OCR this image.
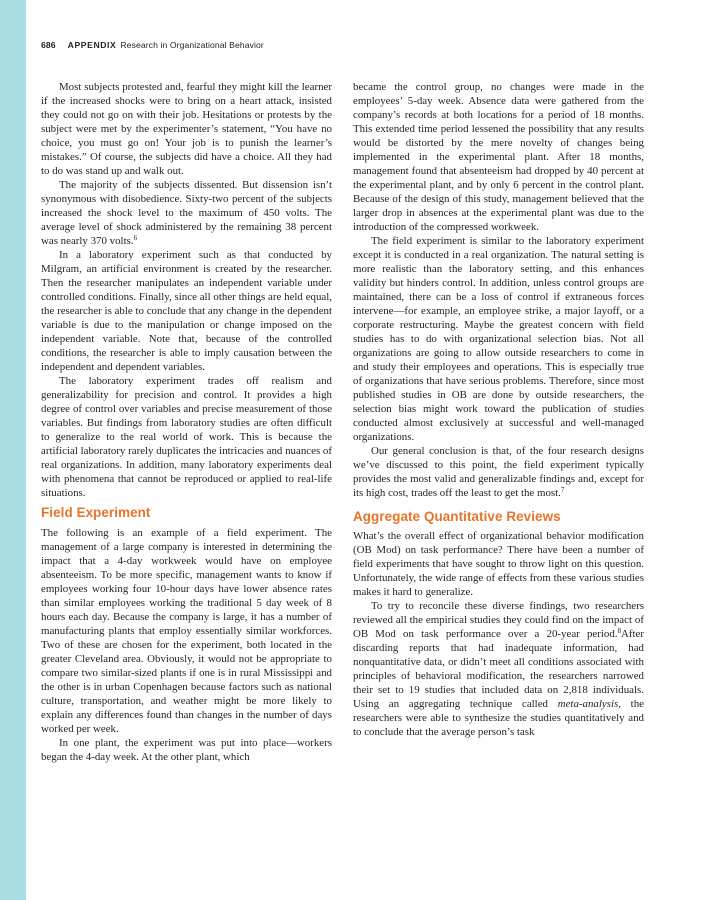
686 APPENDIX Research in Organizational Behavior

Most subjects protested and, fearful they might kill the learner if the increased shocks were to bring on a heart attack, insisted they could not go on with their job. Hesitations or protests by the subject were met by the experimenter’s statement, “You have no choice, you must go on! Your job is to punish the learner’s mistakes.” Of course, the subjects did have a choice. All they had to do was stand up and walk out.

The majority of the subjects dissented. But dissension isn’t synonymous with disobedience. Sixty-two percent of the subjects increased the shock level to the maximum of 450 volts. The average level of shock administered by the remaining 38 percent was nearly 370 volts.$^6$

In a laboratory experiment such as that conducted by Milgram, an artificial environment is created by the researcher. Then the researcher manipulates an independent variable under controlled conditions. Finally, since all other things are held equal, the researcher is able to conclude that any change in the dependent variable is due to the manipulation or change imposed on the independent variable. Note that, because of the controlled conditions, the researcher is able to imply causation between the independent and dependent variables.

The laboratory experiment trades off realism and generalizability for precision and control. It provides a high degree of control over variables and precise measurement of those variables. But findings from laboratory studies are often difficult to generalize to the real world of work. This is because the artificial laboratory rarely duplicates the intricacies and nuances of real organizations. In addition, many laboratory experiments deal with phenomena that cannot be reproduced or applied to real-life situations.

Field Experiment

The following is an example of a field experiment. The management of a large company is interested in determining the impact that a 4-day workweek would have on employee absenteeism. To be more specific, management wants to know if employees working four 10-hour days have lower absence rates than similar employees working the traditional 5 day week of 8 hours each day. Because the company is large, it has a number of manufacturing plants that employ essentially similar workforces. Two of these are chosen for the experiment, both located in the greater Cleveland area. Obviously, it would not be appropriate to compare two similar-sized plants if one is in rural Mississippi and the other is in urban Copenhagen because factors such as national culture, transportation, and weather might be more likely to explain any differences found than changes in the number of days worked per week.

In one plant, the experiment was put into place—workers began the 4-day week. At the other plant, which

became the control group, no changes were made in the employees’ 5-day week. Absence data were gathered from the company’s records at both locations for a period of 18 months. This extended time period lessened the possibility that any results would be distorted by the mere novelty of changes being implemented in the experimental plant. After 18 months, management found that absenteeism had dropped by 40 percent at the experimental plant, and by only 6 percent in the control plant. Because of the design of this study, management believed that the larger drop in absences at the experimental plant was due to the introduction of the compressed workweek.

The field experiment is similar to the laboratory experiment except it is conducted in a real organization. The natural setting is more realistic than the laboratory setting, and this enhances validity but hinders control. In addition, unless control groups are maintained, there can be a loss of control if extraneous forces intervene—for example, an employee strike, a major layoff, or a corporate restructuring. Maybe the greatest concern with field studies has to do with organizational selection bias. Not all organizations are going to allow outside researchers to come in and study their employees and operations. This is especially true of organizations that have serious problems. Therefore, since most published studies in OB are done by outside researchers, the selection bias might work toward the publication of studies conducted almost exclusively at successful and well-managed organizations.

Our general conclusion is that, of the four research designs we’ve discussed to this point, the field experiment typically provides the most valid and generalizable findings and, except for its high cost, trades off the least to get the most.$^7$

Aggregate Quantitative Reviews

What’s the overall effect of organizational behavior modification (OB Mod) on task performance? There have been a number of field experiments that have sought to throw light on this question. Unfortunately, the wide range of effects from these various studies makes it hard to generalize.

To try to reconcile these diverse findings, two researchers reviewed all the empirical studies they could find on the impact of OB Mod on task performance over a 20-year period.$^8$After discarding reports that had inadequate information, had nonquantitative data, or didn’t meet all conditions associated with principles of behavioral modification, the researchers narrowed their set to 19 studies that included data on 2,818 individuals. Using an aggregating technique called meta-analysis, the researchers were able to synthesize the studies quantitatively and to conclude that the average person’s task
